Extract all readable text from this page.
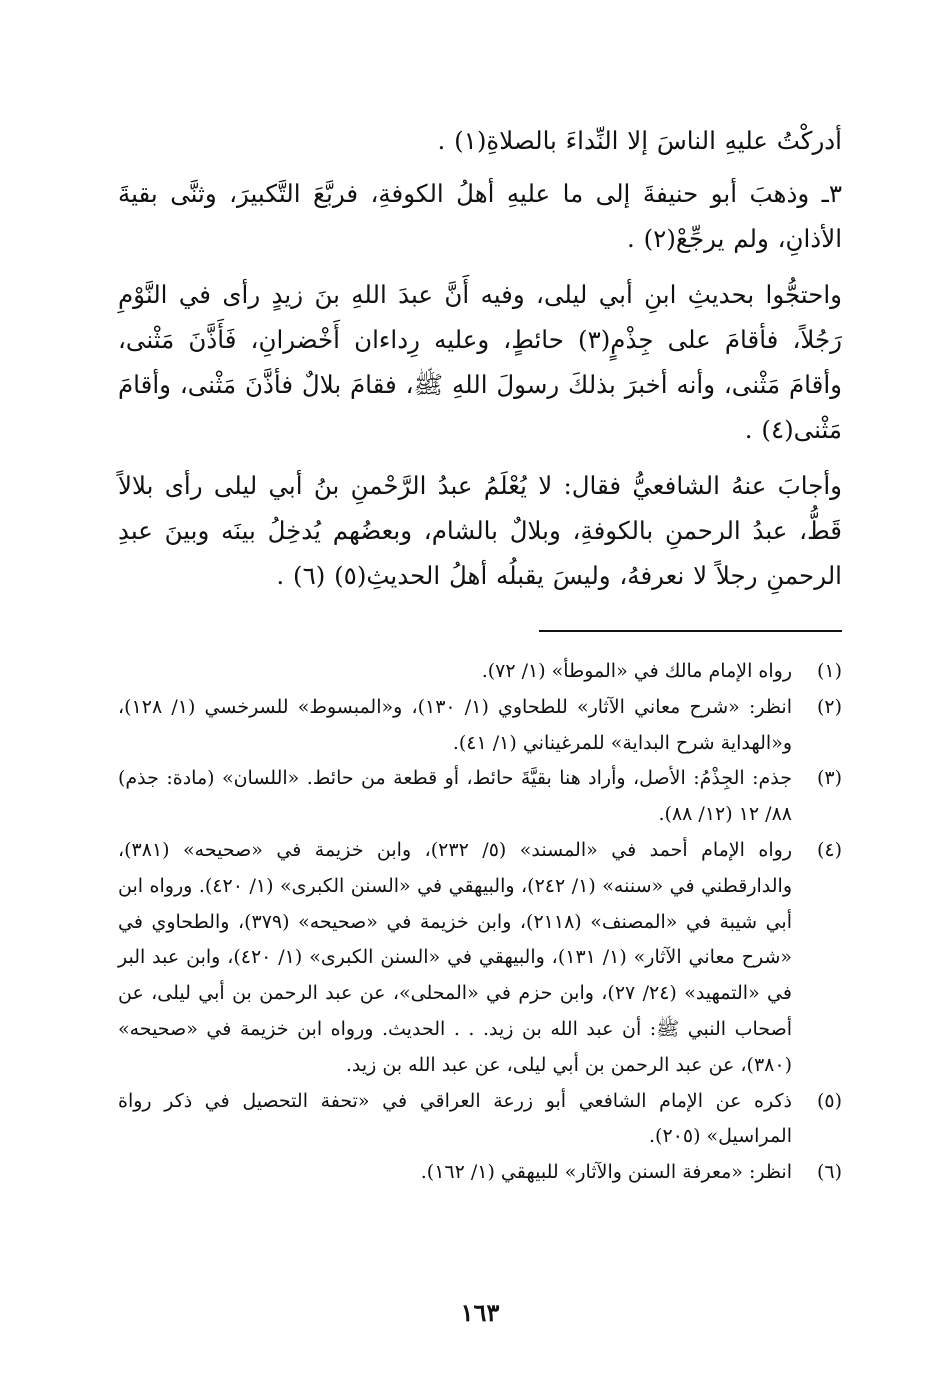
أدركْتُ عليهِ الناسَ إلا النِّداءَ بالصلاةِ(١) .

٣ـ وذهبَ أبو حنيفةَ إلى ما عليهِ أهلُ الكوفةِ، فربَّعَ التَّكبيرَ، وثنَّى بقيةَ الأذانِ، ولم يرجِّعْ(٢) .

واحتجُّوا بحديثِ ابنِ أبي ليلى، وفيه أَنَّ عبدَ اللهِ بنَ زيدٍ رأى في النَّوْمِ رَجُلاً، فأقامَ على جِذْمٍ(٣) حائطٍ، وعليه رِداءان أَخْضرانِ، فَأَذَّنَ مَثْنى، وأقامَ مَثْنى، وأنه أخبرَ بذلكَ رسولَ اللهِ ﷺ، فقامَ بلالٌ فأذَّنَ مَثْنى، وأقامَ مَثْنى(٤) .

وأجابَ عنهُ الشافعيُّ فقال: لا يُعْلَمُ عبدُ الرَّحْمنِ بنُ أبي ليلى رأى بلالاً قَطُّ، عبدُ الرحمنِ بالكوفةِ، وبلالٌ بالشام، وبعضُهم يُدخِلُ بينَه وبينَ عبدِ الرحمنِ رجلاً لا نعرفهُ، وليسَ يقبلُه أهلُ الحديثِ(٥) (٦) .

(١)
رواه الإمام مالك في «الموطأ» (١/ ٧٢).
(٢)
انظر: «شرح معاني الآثار» للطحاوي (١/ ١٣٠)، و«المبسوط» للسرخسي (١/ ١٢٨)، و«الهداية شرح البداية» للمرغيناني (١/ ٤١).
(٣)
جذم: الجِذْمُ: الأصل، وأراد هنا بقيَّةَ حائط، أو قطعة من حائط. «اللسان» (مادة: جذم) ٨٨/ ١٢ (١٢/ ٨٨).
(٤)
رواه الإمام أحمد في «المسند» (٥/ ٢٣٢)، وابن خزيمة في «صحيحه» (٣٨١)، والدارقطني في «سننه» (١/ ٢٤٢)، والبيهقي في «السنن الكبرى» (١/ ٤٢٠). ورواه ابن أبي شيبة في «المصنف» (٢١١٨)، وابن خزيمة في «صحيحه» (٣٧٩)، والطحاوي في «شرح معاني الآثار» (١/ ١٣١)، والبيهقي في «السنن الكبرى» (١/ ٤٢٠)، وابن عبد البر في «التمهيد» (٢٤/ ٢٧)، وابن حزم في «المحلى»، عن عبد الرحمن بن أبي ليلى، عن أصحاب النبي ﷺ: أن عبد الله بن زيد. . . الحديث. ورواه ابن خزيمة في «صحيحه» (٣٨٠)، عن عبد الرحمن بن أبي ليلى، عن عبد الله بن زيد.
(٥)
ذكره عن الإمام الشافعي أبو زرعة العراقي في «تحفة التحصيل في ذكر رواة المراسيل» (٢٠٥).
(٦)
انظر: «معرفة السنن والآثار» للبيهقي (١/ ١٦٢).
١٦٣
